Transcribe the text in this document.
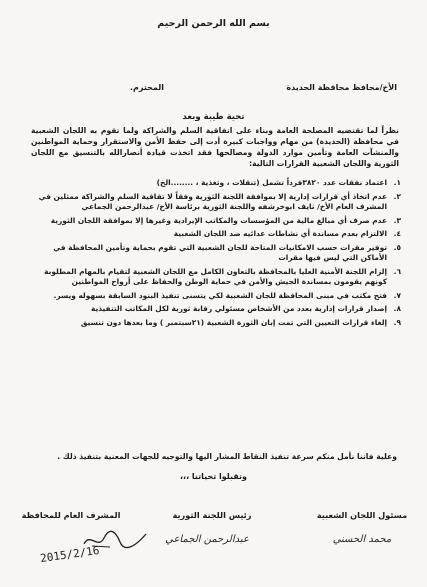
بسم الله الرحمن الرحيم
الأخ/محافظ محافظة الحديدة
المحترم.
تحية طيبة وبعد
نظراً لما تقتضيه المصلحة العامة وبناء على اتفاقية السلم والشراكة ولما تقوم به اللجان الشعبية في محافظة (الحديدة) من مهام وواجبات كبيرة أدت إلى حفظ الأمن والاستقرار وحماية المواطنين والمنشآت العامة وتأمين موارد الدولة ومصالحها فقد اتخذت قيادة أنصارالله بالتنسيق مع اللجان الثورية واللجان الشعبية القرارات التالية:
١.
اعتماد نفقات عدد ٣٨٢٠فرداً تشمل (تنقلات ، وتغذية ، ........الخ)
٢.
عدم اتخاذ أي قرارات إدارية إلا بموافقة اللجنة الثورية وفقاً لا تفاقية السلم والشراكة ممثلين في المشرف العام الأخ/ نايف ابوخرشفه واللجنة الثورية برئاسة الأخ/ عبدالرحمن الجماعي
٣.
عدم صرف أي مبالغ مالية من المؤسسات والمكاتب الإيرادية وغيرها إلا بموافقة اللجان الثورية
٤.
الالتزام بعدم مساندة أي نشاطات عدائيه ضد اللجان الشعبية
٥.
توفير مقرات حسب الامكانيات المتاحة للجان الشعبية التي تقوم بحماية وتأمين المحافظة في الأماكن التي ليس فيها مقرات
٦.
إلزام اللجنة الأمنية العليا بالمحافظة بالتعاون الكامل مع اللجان الشعبية لتقيام بالمهام المطلوبة كونهم يقومون بمساندة الجيش والأمن في حماية الوطن والحفاظ على أرواح المواطنين
٧.
فتح مكتب في مبنى المحافظة للجان الشعبية لكي يتسنى تنفيذ البنود السابقة بسهوله ويسر.
٨.
إصدار قرارات إدارية بعدد من الأشخاص مسئولي رقابة ثورية لكل المكاتب التنفيذية
٩.
إلغاء قرارات التعيين التي تمت إبان الثورة الشعبية (٢١سبتمبر ) وما بعدها دون تنسيق
وعلية فاننا نأمل منكم سرعة تنفيذ النقاط المشار اليها والتوجيه للجهات المعنية بتنفيذ ذلك .
وتقبلوا تحياتنا ،،،
مسئول اللجان الشعبية
رئيس اللجنة الثورية
المشرف العام للمحافظة
محمد الحسني
عبدالرحمن الجماعي
2015/2/16
